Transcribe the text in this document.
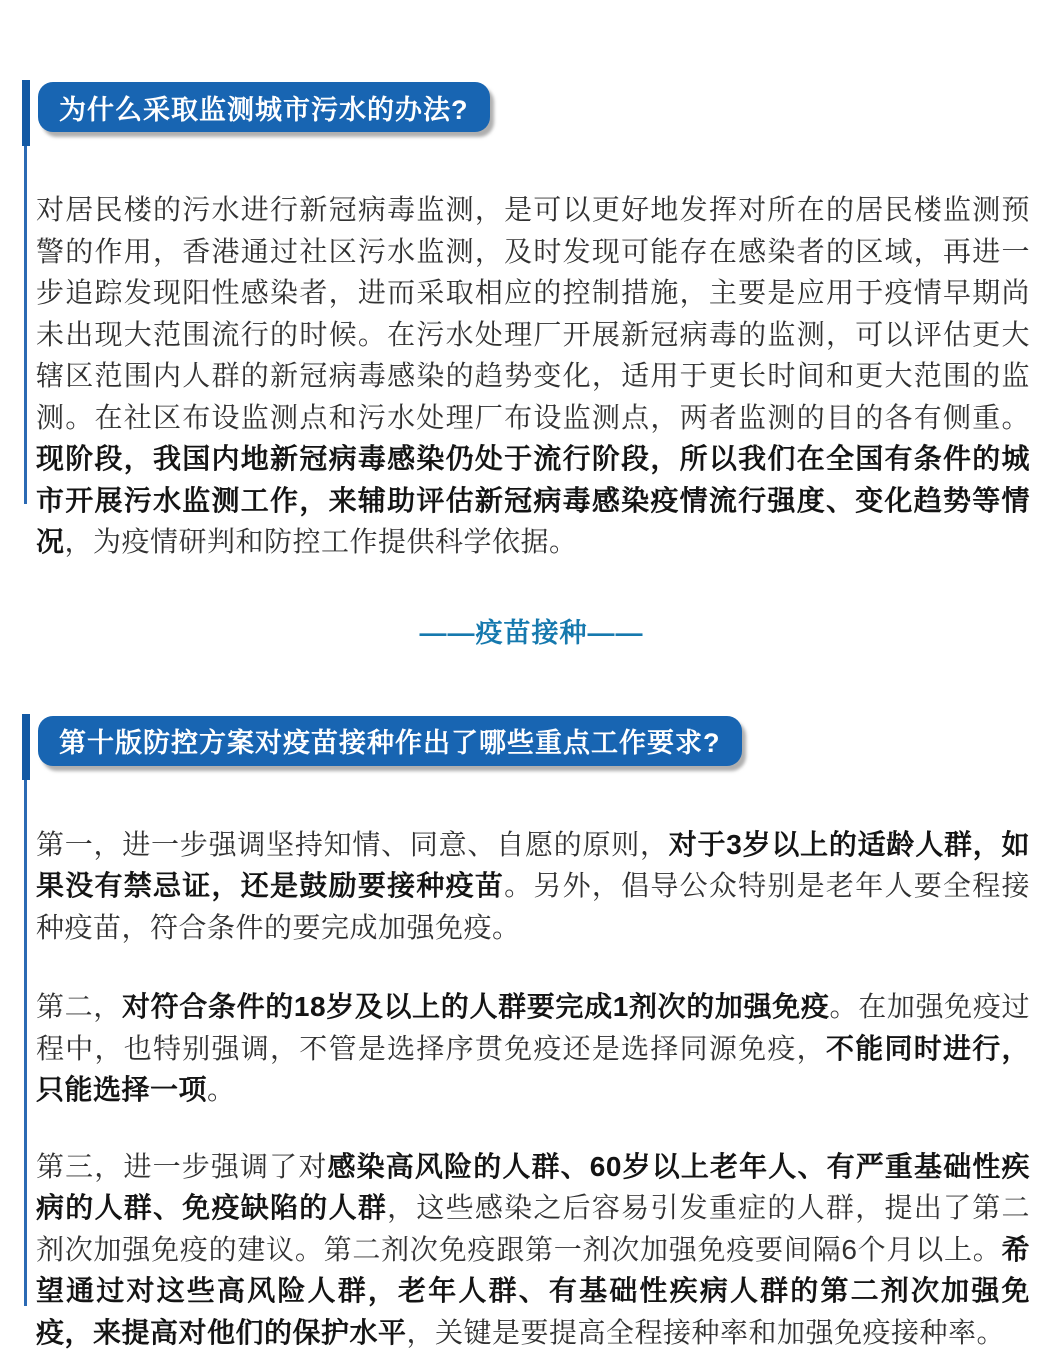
为什么采取监测城市污水的办法?

对居民楼的污水进行新冠病毒监测，是可以更好地发挥对所在的居民楼监测预警的作用，香港通过社区污水监测，及时发现可能存在感染者的区域，再进一步追踪发现阳性感染者，进而采取相应的控制措施，主要是应用于疫情早期尚未出现大范围流行的时候。在污水处理厂开展新冠病毒的监测，可以评估更大辖区范围内人群的新冠病毒感染的趋势变化，适用于更长时间和更大范围的监测。在社区布设监测点和污水处理厂布设监测点，两者监测的目的各有侧重。现阶段，我国内地新冠病毒感染仍处于流行阶段，所以我们在全国有条件的城市开展污水监测工作，来辅助评估新冠病毒感染疫情流行强度、变化趋势等情况，为疫情研判和防控工作提供科学依据。

——疫苗接种——
第十版防控方案对疫苗接种作出了哪些重点工作要求?

第一，进一步强调坚持知情、同意、自愿的原则，对于3岁以上的适龄人群，如果没有禁忌证，还是鼓励要接种疫苗。另外，倡导公众特别是老年人要全程接种疫苗，符合条件的要完成加强免疫。

第二，对符合条件的18岁及以上的人群要完成1剂次的加强免疫。在加强免疫过程中，也特别强调，不管是选择序贯免疫还是选择同源免疫，不能同时进行，只能选择一项。

第三，进一步强调了对感染高风险的人群、60岁以上老年人、有严重基础性疾病的人群、免疫缺陷的人群，这些感染之后容易引发重症的人群，提出了第二剂次加强免疫的建议。第二剂次免疫跟第一剂次加强免疫要间隔6个月以上。希望通过对这些高风险人群，老年人群、有基础性疾病人群的第二剂次加强免疫，来提高对他们的保护水平，关键是要提高全程接种率和加强免疫接种率。
